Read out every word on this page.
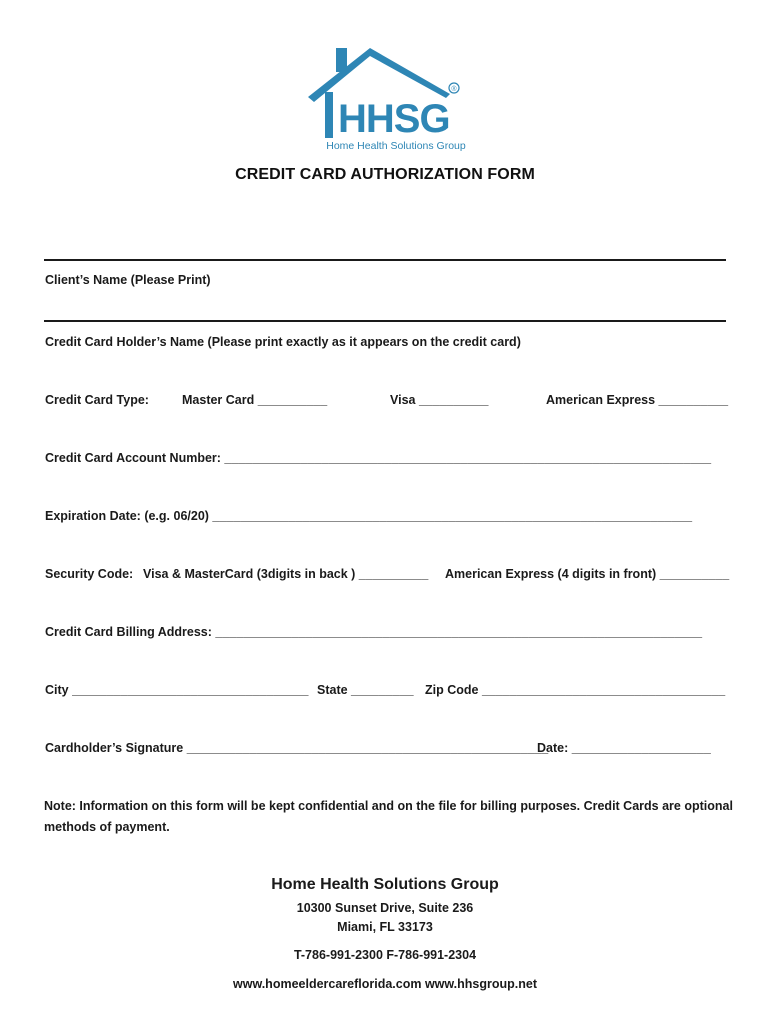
®
HHSG
Home Health Solutions Group
CREDIT CARD AUTHORIZATION FORM
Client’s Name (Please Print)
Credit Card Holder’s Name (Please print exactly as it appears on the credit card)
Credit Card Type:	Master Card __________	Visa __________	American Express __________
Credit Card Account Number: ______________________________________________________________________
Expiration Date: (e.g. 06/20) _____________________________________________________________________
Security Code: Visa & MasterCard (3digits in back ) __________ American Express (4 digits in front) __________
Credit Card Billing Address: ______________________________________________________________________
City __________________________________ State _________ Zip Code ___________________________________
Cardholder’s Signature ____________________________________________________
Date: ____________________
Note: Information on this form will be kept confidential and on the file for billing purposes. Credit Cards are optional
methods of payment.
Home Health Solutions Group
10300 Sunset Drive, Suite 236
Miami, FL 33173
T-786-991-2300 F-786-991-2304
www.homeeldercareflorida.com www.hhsgroup.net
